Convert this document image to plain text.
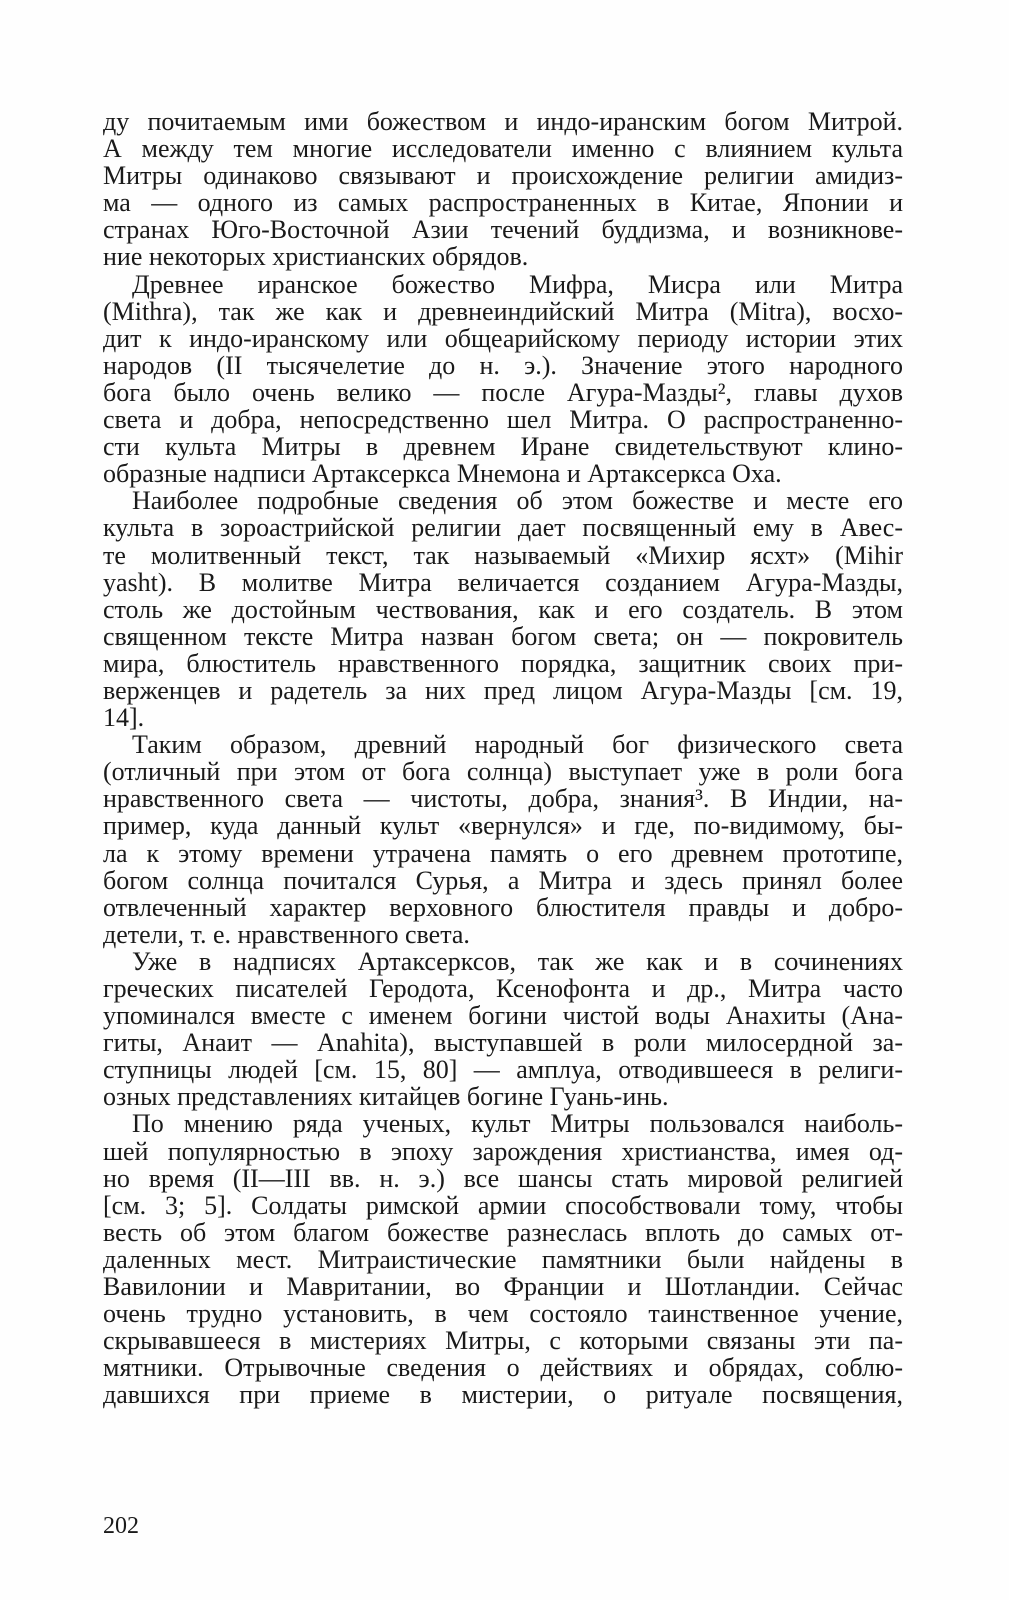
ду почитаемым ими божеством и индо-иранским богом Митрой.
А между тем многие исследователи именно с влиянием культа
Митры одинаково связывают и происхождение религии амидиз-
ма — одного из самых распространенных в Китае, Японии и
странах Юго-Восточной Азии течений буддизма, и возникнове-
ние некоторых христианских обрядов.
Древнее иранское божество Мифра, Мисра или Митра
(Mithra), так же как и древнеиндийский Митра (Mitra), восхо-
дит к индо-иранскому или общеарийскому периоду истории этих
народов (II тысячелетие до н. э.). Значение этого народного
бога было очень велико — после Агура-Мазды², главы духов
света и добра, непосредственно шел Митра. О распространенно-
сти культа Митры в древнем Иране свидетельствуют клино-
образные надписи Артаксеркса Мнемона и Артаксеркса Оха.
Наиболее подробные сведения об этом божестве и месте его
культа в зороастрийской религии дает посвященный ему в Авес-
те молитвенный текст, так называемый «Михир ясхт» (Mihir
yasht). В молитве Митра величается созданием Агура-Мазды,
столь же достойным чествования, как и его создатель. В этом
священном тексте Митра назван богом света; он — покровитель
мира, блюститель нравственного порядка, защитник своих при-
верженцев и радетель за них пред лицом Агура-Мазды [см. 19,
14].
Таким образом, древний народный бог физического света
(отличный при этом от бога солнца) выступает уже в роли бога
нравственного света — чистоты, добра, знания³. В Индии, на-
пример, куда данный культ «вернулся» и где, по-видимому, бы-
ла к этому времени утрачена память о его древнем прототипе,
богом солнца почитался Сурья, а Митра и здесь принял более
отвлеченный характер верховного блюстителя правды и добро-
детели, т. е. нравственного света.
Уже в надписях Артаксерксов, так же как и в сочинениях
греческих писателей Геродота, Ксенофонта и др., Митра часто
упоминался вместе с именем богини чистой воды Анахиты (Ана-
гиты, Анаит — Anahita), выступавшей в роли милосердной за-
ступницы людей [см. 15, 80] — амплуа, отводившееся в религи-
озных представлениях китайцев богине Гуань-инь.
По мнению ряда ученых, культ Митры пользовался наиболь-
шей популярностью в эпоху зарождения христианства, имея од-
но время (II—III вв. н. э.) все шансы стать мировой религией
[см. 3; 5]. Солдаты римской армии способствовали тому, чтобы
весть об этом благом божестве разнеслась вплоть до самых от-
даленных мест. Митраистические памятники были найдены в
Вавилонии и Мавритании, во Франции и Шотландии. Сейчас
очень трудно установить, в чем состояло таинственное учение,
скрывавшееся в мистериях Митры, с которыми связаны эти па-
мятники. Отрывочные сведения о действиях и обрядах, соблю-
давшихся при приеме в мистерии, о ритуале посвящения,
202
